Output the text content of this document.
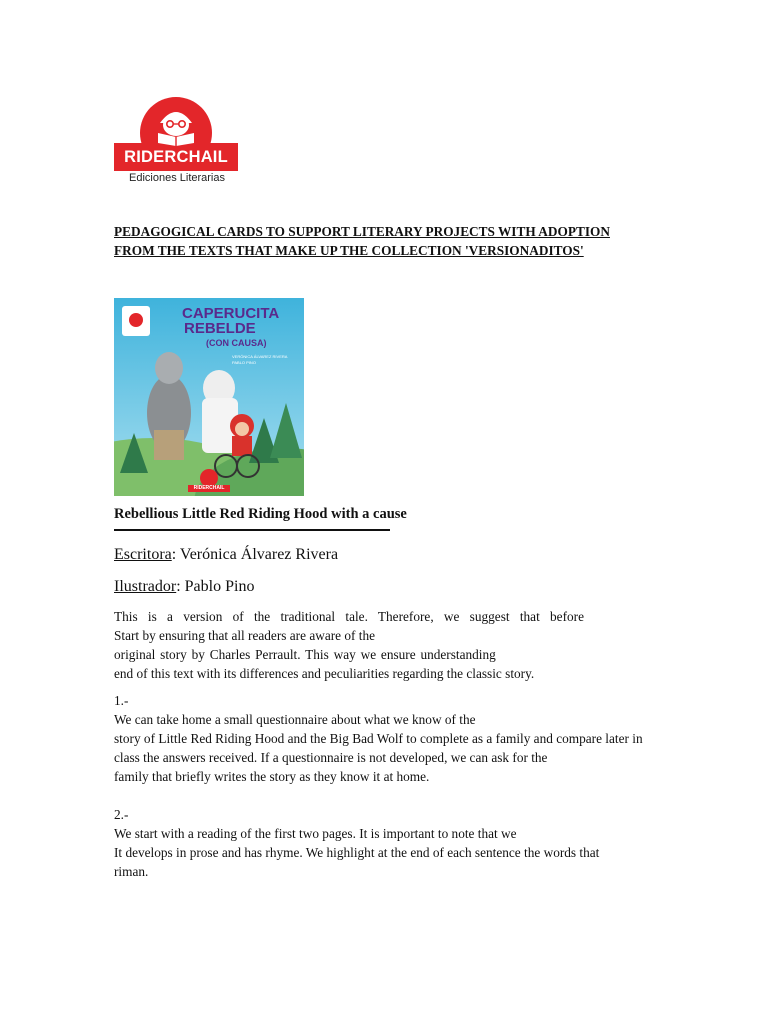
RIDERCHAIL
Ediciones Literarias
PEDAGOGICAL CARDS TO SUPPORT LITERARY PROJECTS WITH ADOPTION
FROM THE TEXTS THAT MAKE UP THE COLLECTION 'VERSIONADITOS'
CAPERUCITA
REBELDE
(CON CAUSA)
VERÓNICA ÁLVAREZ RIVERA
PABLO PINO
RIDERCHAIL
Rebellious Little Red Riding Hood with a cause
Escritora: Verónica Álvarez Rivera
Ilustrador: Pablo Pino
This is a version of the traditional tale. Therefore, we suggest that before
Start by ensuring that all readers are aware of the
original story by Charles Perrault. This way we ensure understanding
end of this text with its differences and peculiarities regarding the classic story.
1.-
We can take home a small questionnaire about what we know of the
story of Little Red Riding Hood and the Big Bad Wolf to complete as a family and compare later in
class the answers received. If a questionnaire is not developed, we can ask for the
family that briefly writes the story as they know it at home.
2.-
We start with a reading of the first two pages. It is important to note that we
It develops in prose and has rhyme. We highlight at the end of each sentence the words that
riman.
